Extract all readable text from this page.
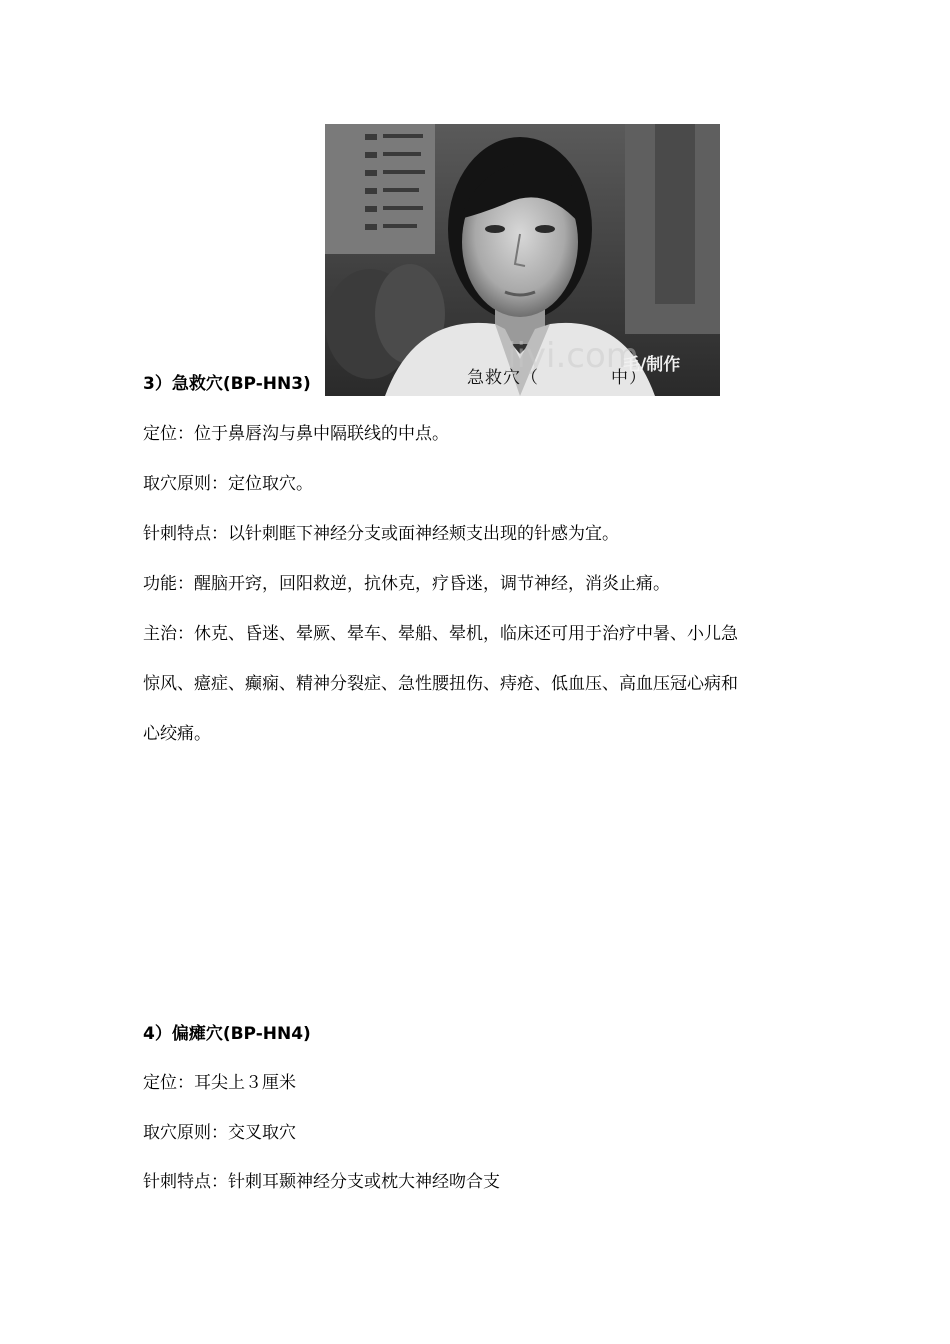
iiyi.com
急救穴（　　　　中）
毛/制作
3）急救穴(BP-HN3)
定位：位于鼻唇沟与鼻中隔联线的中点。
取穴原则：定位取穴。
针刺特点：以针刺眶下神经分支或面神经颊支出现的针感为宜。
功能：醒脑开窍，回阳救逆，抗休克，疗昏迷，调节神经，消炎止痛。
主治：休克、昏迷、晕厥、晕车、晕船、晕机，临床还可用于治疗中暑、小儿急
惊风、癔症、癫痫、精神分裂症、急性腰扭伤、痔疮、低血压、高血压冠心病和
心绞痛。
4）偏瘫穴(BP-HN4)
定位：耳尖上３厘米
取穴原则：交叉取穴
针刺特点：针刺耳颞神经分支或枕大神经吻合支
